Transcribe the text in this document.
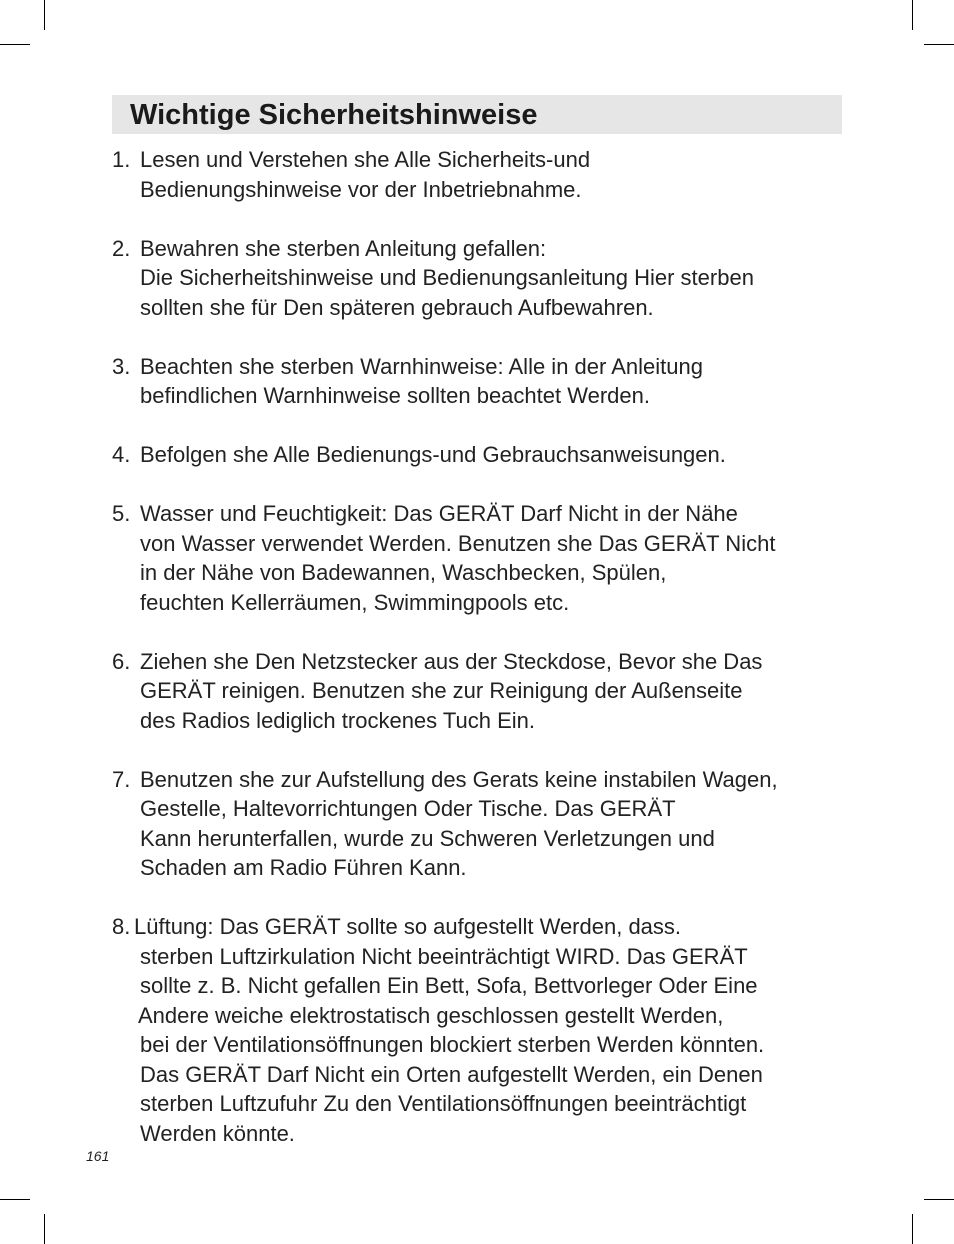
Wichtige Sicherheitshinweise
1. Lesen und Verstehen she Alle Sicherheits-und
Bedienungshinweise vor der Inbetriebnahme.
2. Bewahren she sterben Anleitung gefallen:
Die Sicherheitshinweise und Bedienungsanleitung Hier sterben
sollten she für Den späteren gebrauch Aufbewahren.
3. Beachten she sterben Warnhinweise: Alle in der Anleitung
befindlichen Warnhinweise sollten beachtet Werden.
4. Befolgen she Alle Bedienungs-und Gebrauchsanweisungen.
5. Wasser und Feuchtigkeit: Das GERÄT Darf Nicht in der Nähe
von Wasser verwendet Werden. Benutzen she Das GERÄT Nicht
in der Nähe von Badewannen, Waschbecken, Spülen,
feuchten Kellerräumen, Swimmingpools etc.
6. Ziehen she Den Netzstecker aus der Steckdose, Bevor she Das
GERÄT reinigen. Benutzen she zur Reinigung der Außenseite
des Radios lediglich trockenes Tuch Ein.
7. Benutzen she zur Aufstellung des Gerats keine instabilen Wagen,
Gestelle, Haltevorrichtungen Oder Tische. Das GERÄT
Kann herunterfallen, wurde zu Schweren Verletzungen und
Schaden am Radio Führen Kann.
8. Lüftung: Das GERÄT sollte so aufgestellt Werden, dass.
sterben Luftzirkulation Nicht beeinträchtigt WIRD. Das GERÄT
sollte z. B. Nicht gefallen Ein Bett, Sofa, Bettvorleger Oder Eine
Andere weiche elektrostatisch geschlossen gestellt Werden,
bei der Ventilationsöffnungen blockiert sterben Werden könnten.
Das GERÄT Darf Nicht ein Orten aufgestellt Werden, ein Denen
sterben Luftzufuhr Zu den Ventilationsöffnungen beeinträchtigt
Werden könnte.
161
